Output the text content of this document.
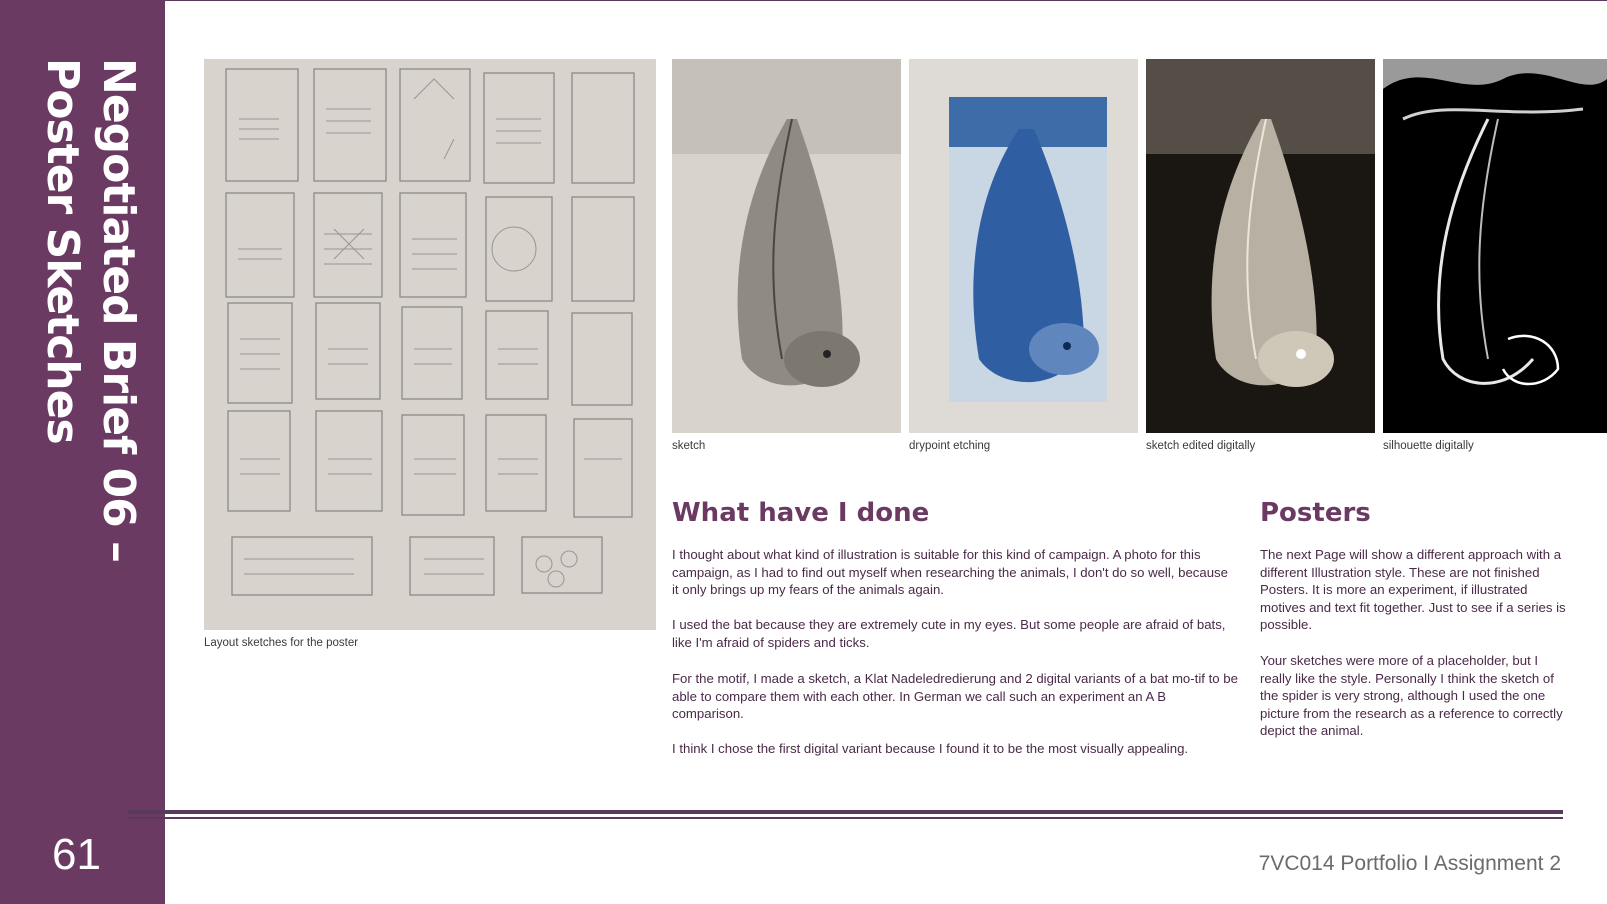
Negotiated Brief 06 –
Poster Sketches
61
Layout sketches for the poster
sketch	drypoint etching	sketch edited digitally	silhouette digitally
What have I done

I thought about what kind of illustration is suitable for this kind of campaign. A photo for this campaign, as I had to find out myself when researching the animals, I don't do so well, because it only brings up my fears of the animals again.

I used the bat because they are extremely cute in my eyes. But some people are afraid of bats, like I'm afraid of spiders and ticks.

For the motif, I made a sketch, a Klat Nadeledredierung and 2 digital variants of a bat mo-tif to be able to compare them with each other. In German we call such an experiment an A B comparison.

I think I chose the first digital variant because I found it to be the most visually appealing.

Posters

The next Page will show a different approach with a different Illustration style. These are not finished Posters. It is more an experiment, if illustrated motives and text fit together. Just to see if a series is possible.

Your sketches were more of a placeholder, but I really like the style. Personally I think the sketch of the spider is very strong, although I used the one picture from the research as a reference to correctly depict the animal.

7VC014 Portfolio I Assignment 2
